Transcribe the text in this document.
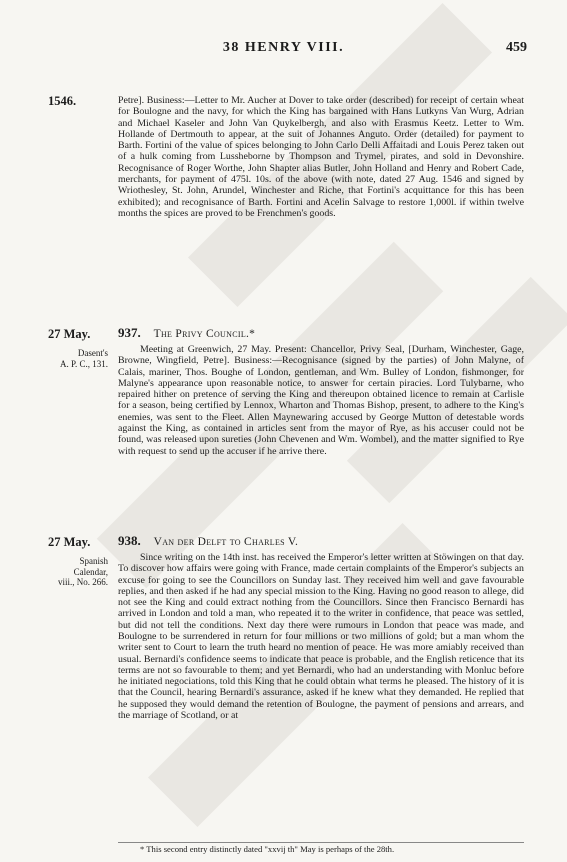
38 HENRY VIII.	459
1546.	Petre]. Business:—Letter to Mr. Aucher at Dover to take order (described) for receipt of certain wheat for Boulogne and the navy, for which the King has bargained with Hans Lutkyns Van Wurg, Adrian and Michael Kaseler and John Van Quykelbergh, and also with Erasmus Keetz. Letter to Wm. Hollande of Dertmouth to appear, at the suit of Johannes Anguto. Order (detailed) for payment to Barth. Fortini of the value of spices belonging to John Carlo Delli Affaitadi and Louis Perez taken out of a hulk coming from Lussheborne by Thompson and Trymel, pirates, and sold in Devonshire. Recognisance of Roger Worthe, John Shapter alias Butler, John Holland and Henry and Robert Cade, merchants, for payment of 475l. 10s. of the above (with note, dated 27 Aug. 1546 and signed by Wriothesley, St. John, Arundel, Winchester and Riche, that Fortini's acquittance for this has been exhibited); and recognisance of Barth. Fortini and Acelin Salvage to restore 1,000l. if within twelve months the spices are proved to be Frenchmen's goods.

27 May.
Dasent's
A. P. C., 131.
937. The Privy Council.*

Meeting at Greenwich, 27 May. Present: Chancellor, Privy Seal, [Durham, Winchester, Gage, Browne, Wingfield, Petre]. Business:—Recognisance (signed by the parties) of John Malyne, of Calais, mariner, Thos. Boughe of London, gentleman, and Wm. Bulley of London, fishmonger, for Malyne's appearance upon reasonable notice, to answer for certain piracies. Lord Tulybarne, who repaired hither on pretence of serving the King and thereupon obtained licence to remain at Carlisle for a season, being certified by Lennox, Wharton and Thomas Bishop, present, to adhere to the King's enemies, was sent to the Fleet. Allen Maynewaring accused by George Mutton of detestable words against the King, as contained in articles sent from the mayor of Rye, as his accuser could not be found, was released upon sureties (John Chevenen and Wm. Wombel), and the matter signified to Rye with request to send up the accuser if he arrive there.

27 May.
Spanish
Calendar,
viii., No. 266.
938. Van der Delft to Charles V.

Since writing on the 14th inst. has received the Emperor's letter written at Stöwingen on that day. To discover how affairs were going with France, made certain complaints of the Emperor's subjects an excuse for going to see the Councillors on Sunday last. They received him well and gave favourable replies, and then asked if he had any special mission to the King. Having no good reason to allege, did not see the King and could extract nothing from the Councillors. Since then Francisco Bernardi has arrived in London and told a man, who repeated it to the writer in confidence, that peace was settled, but did not tell the conditions. Next day there were rumours in London that peace was made, and Boulogne to be surrendered in return for four millions or two millions of gold; but a man whom the writer sent to Court to learn the truth heard no mention of peace. He was more amiably received than usual. Bernardi's confidence seems to indicate that peace is probable, and the English reticence that its terms are not so favourable to them; and yet Bernardi, who had an understanding with Monluc before he initiated negociations, told this King that he could obtain what terms he pleased. The history of it is that the Council, hearing Bernardi's assurance, asked if he knew what they demanded. He replied that he supposed they would demand the retention of Boulogne, the payment of pensions and arrears, and the marriage of Scotland, or at

* This second entry distinctly dated "xxvij th" May is perhaps of the 28th.
